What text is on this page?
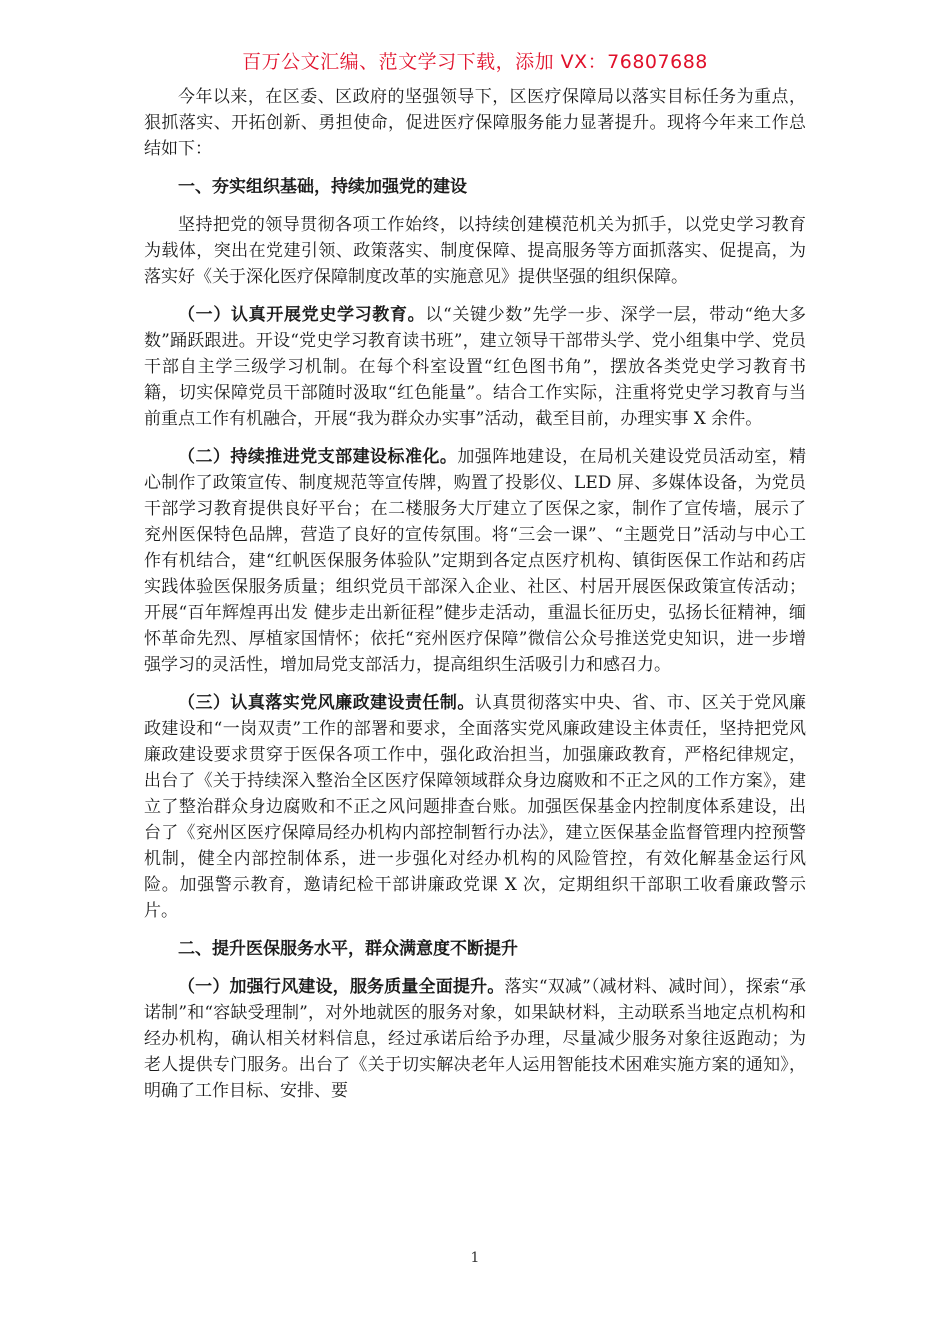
百万公文汇编、范文学习下载，添加 VX：76807688

今年以来，在区委、区政府的坚强领导下，区医疗保障局以落实目标任务为重点，狠抓落实、开拓创新、勇担使命，促进医疗保障服务能力显著提升。现将今年来工作总结如下：

一、夯实组织基础，持续加强党的建设

坚持把党的领导贯彻各项工作始终，以持续创建模范机关为抓手，以党史学习教育为载体，突出在党建引领、政策落实、制度保障、提高服务等方面抓落实、促提高，为落实好《关于深化医疗保障制度改革的实施意见》提供坚强的组织保障。

（一）认真开展党史学习教育。以“关键少数”先学一步、深学一层，带动“绝大多数”踊跃跟进。开设“党史学习教育读书班”，建立领导干部带头学、党小组集中学、党员干部自主学三级学习机制。在每个科室设置“红色图书角”，摆放各类党史学习教育书籍，切实保障党员干部随时汲取“红色能量”。结合工作实际，注重将党史学习教育与当前重点工作有机融合，开展“我为群众办实事”活动，截至目前，办理实事 X 余件。

（二）持续推进党支部建设标准化。加强阵地建设，在局机关建设党员活动室，精心制作了政策宣传、制度规范等宣传牌，购置了投影仪、LED 屏、多媒体设备，为党员干部学习教育提供良好平台；在二楼服务大厅建立了医保之家，制作了宣传墙，展示了兖州医保特色品牌，营造了良好的宣传氛围。将“三会一课”、“主题党日”活动与中心工作有机结合，建“红帆医保服务体验队”定期到各定点医疗机构、镇街医保工作站和药店实践体验医保服务质量；组织党员干部深入企业、社区、村居开展医保政策宣传活动；开展“百年辉煌再出发 健步走出新征程”健步走活动，重温长征历史，弘扬长征精神，缅怀革命先烈、厚植家国情怀；依托“兖州医疗保障”微信公众号推送党史知识，进一步增强学习的灵活性，增加局党支部活力，提高组织生活吸引力和感召力。

（三）认真落实党风廉政建设责任制。认真贯彻落实中央、省、市、区关于党风廉政建设和“一岗双责”工作的部署和要求，全面落实党风廉政建设主体责任，坚持把党风廉政建设要求贯穿于医保各项工作中，强化政治担当，加强廉政教育，严格纪律规定，出台了《关于持续深入整治全区医疗保障领域群众身边腐败和不正之风的工作方案》，建立了整治群众身边腐败和不正之风问题排查台账。加强医保基金内控制度体系建设，出台了《兖州区医疗保障局经办机构内部控制暂行办法》，建立医保基金监督管理内控预警机制，健全内部控制体系，进一步强化对经办机构的风险管控，有效化解基金运行风险。加强警示教育，邀请纪检干部讲廉政党课 X 次，定期组织干部职工收看廉政警示片。

二、提升医保服务水平，群众满意度不断提升

（一）加强行风建设，服务质量全面提升。落实“双减”（减材料、减时间），探索“承诺制”和“容缺受理制”，对外地就医的服务对象，如果缺材料，主动联系当地定点机构和经办机构，确认相关材料信息，经过承诺后给予办理，尽量减少服务对象往返跑动；为老人提供专门服务。出台了《关于切实解决老年人运用智能技术困难实施方案的通知》，明确了工作目标、安排、要

1
